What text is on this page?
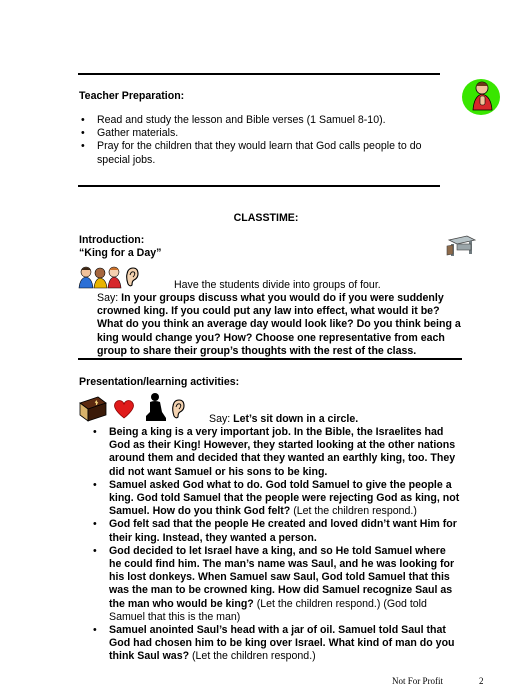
Teacher Preparation:
• Read and study the lesson and Bible verses (1 Samuel 8-10).
• Gather materials.
• Pray for the children that they would learn that God calls people to do special jobs.
CLASSTIME:
Introduction:
“King for a Day”
Have the students divide into groups of four.
Say: In your groups discuss what you would do if you were suddenly crowned king. If you could put any law into effect, what would it be? What do you think an average day would look like? Do you think being a king would change you? How? Choose one representative from each group to share their group’s thoughts with the rest of the class.
Presentation/learning activities:
Say: Let’s sit down in a circle.
• Being a king is a very important job. In the Bible, the Israelites had God as their King! However, they started looking at the other nations around them and decided that they wanted an earthly king, too. They did not want Samuel or his sons to be king.
• Samuel asked God what to do. God told Samuel to give the people a king. God told Samuel that the people were rejecting God as king, not Samuel. How do you think God felt? (Let the children respond.)
• God felt sad that the people He created and loved didn’t want Him for their king. Instead, they wanted a person.
• God decided to let Israel have a king, and so He told Samuel where he could find him. The man’s name was Saul, and he was looking for his lost donkeys. When Samuel saw Saul, God told Samuel that this was the man to be crowned king. How did Samuel recognize Saul as the man who would be king? (Let the children respond.) (God told Samuel that this is the man)
• Samuel anointed Saul’s head with a jar of oil. Samuel told Saul that God had chosen him to be king over Israel. What kind of man do you think Saul was? (Let the children respond.)
Not For Profit	2
